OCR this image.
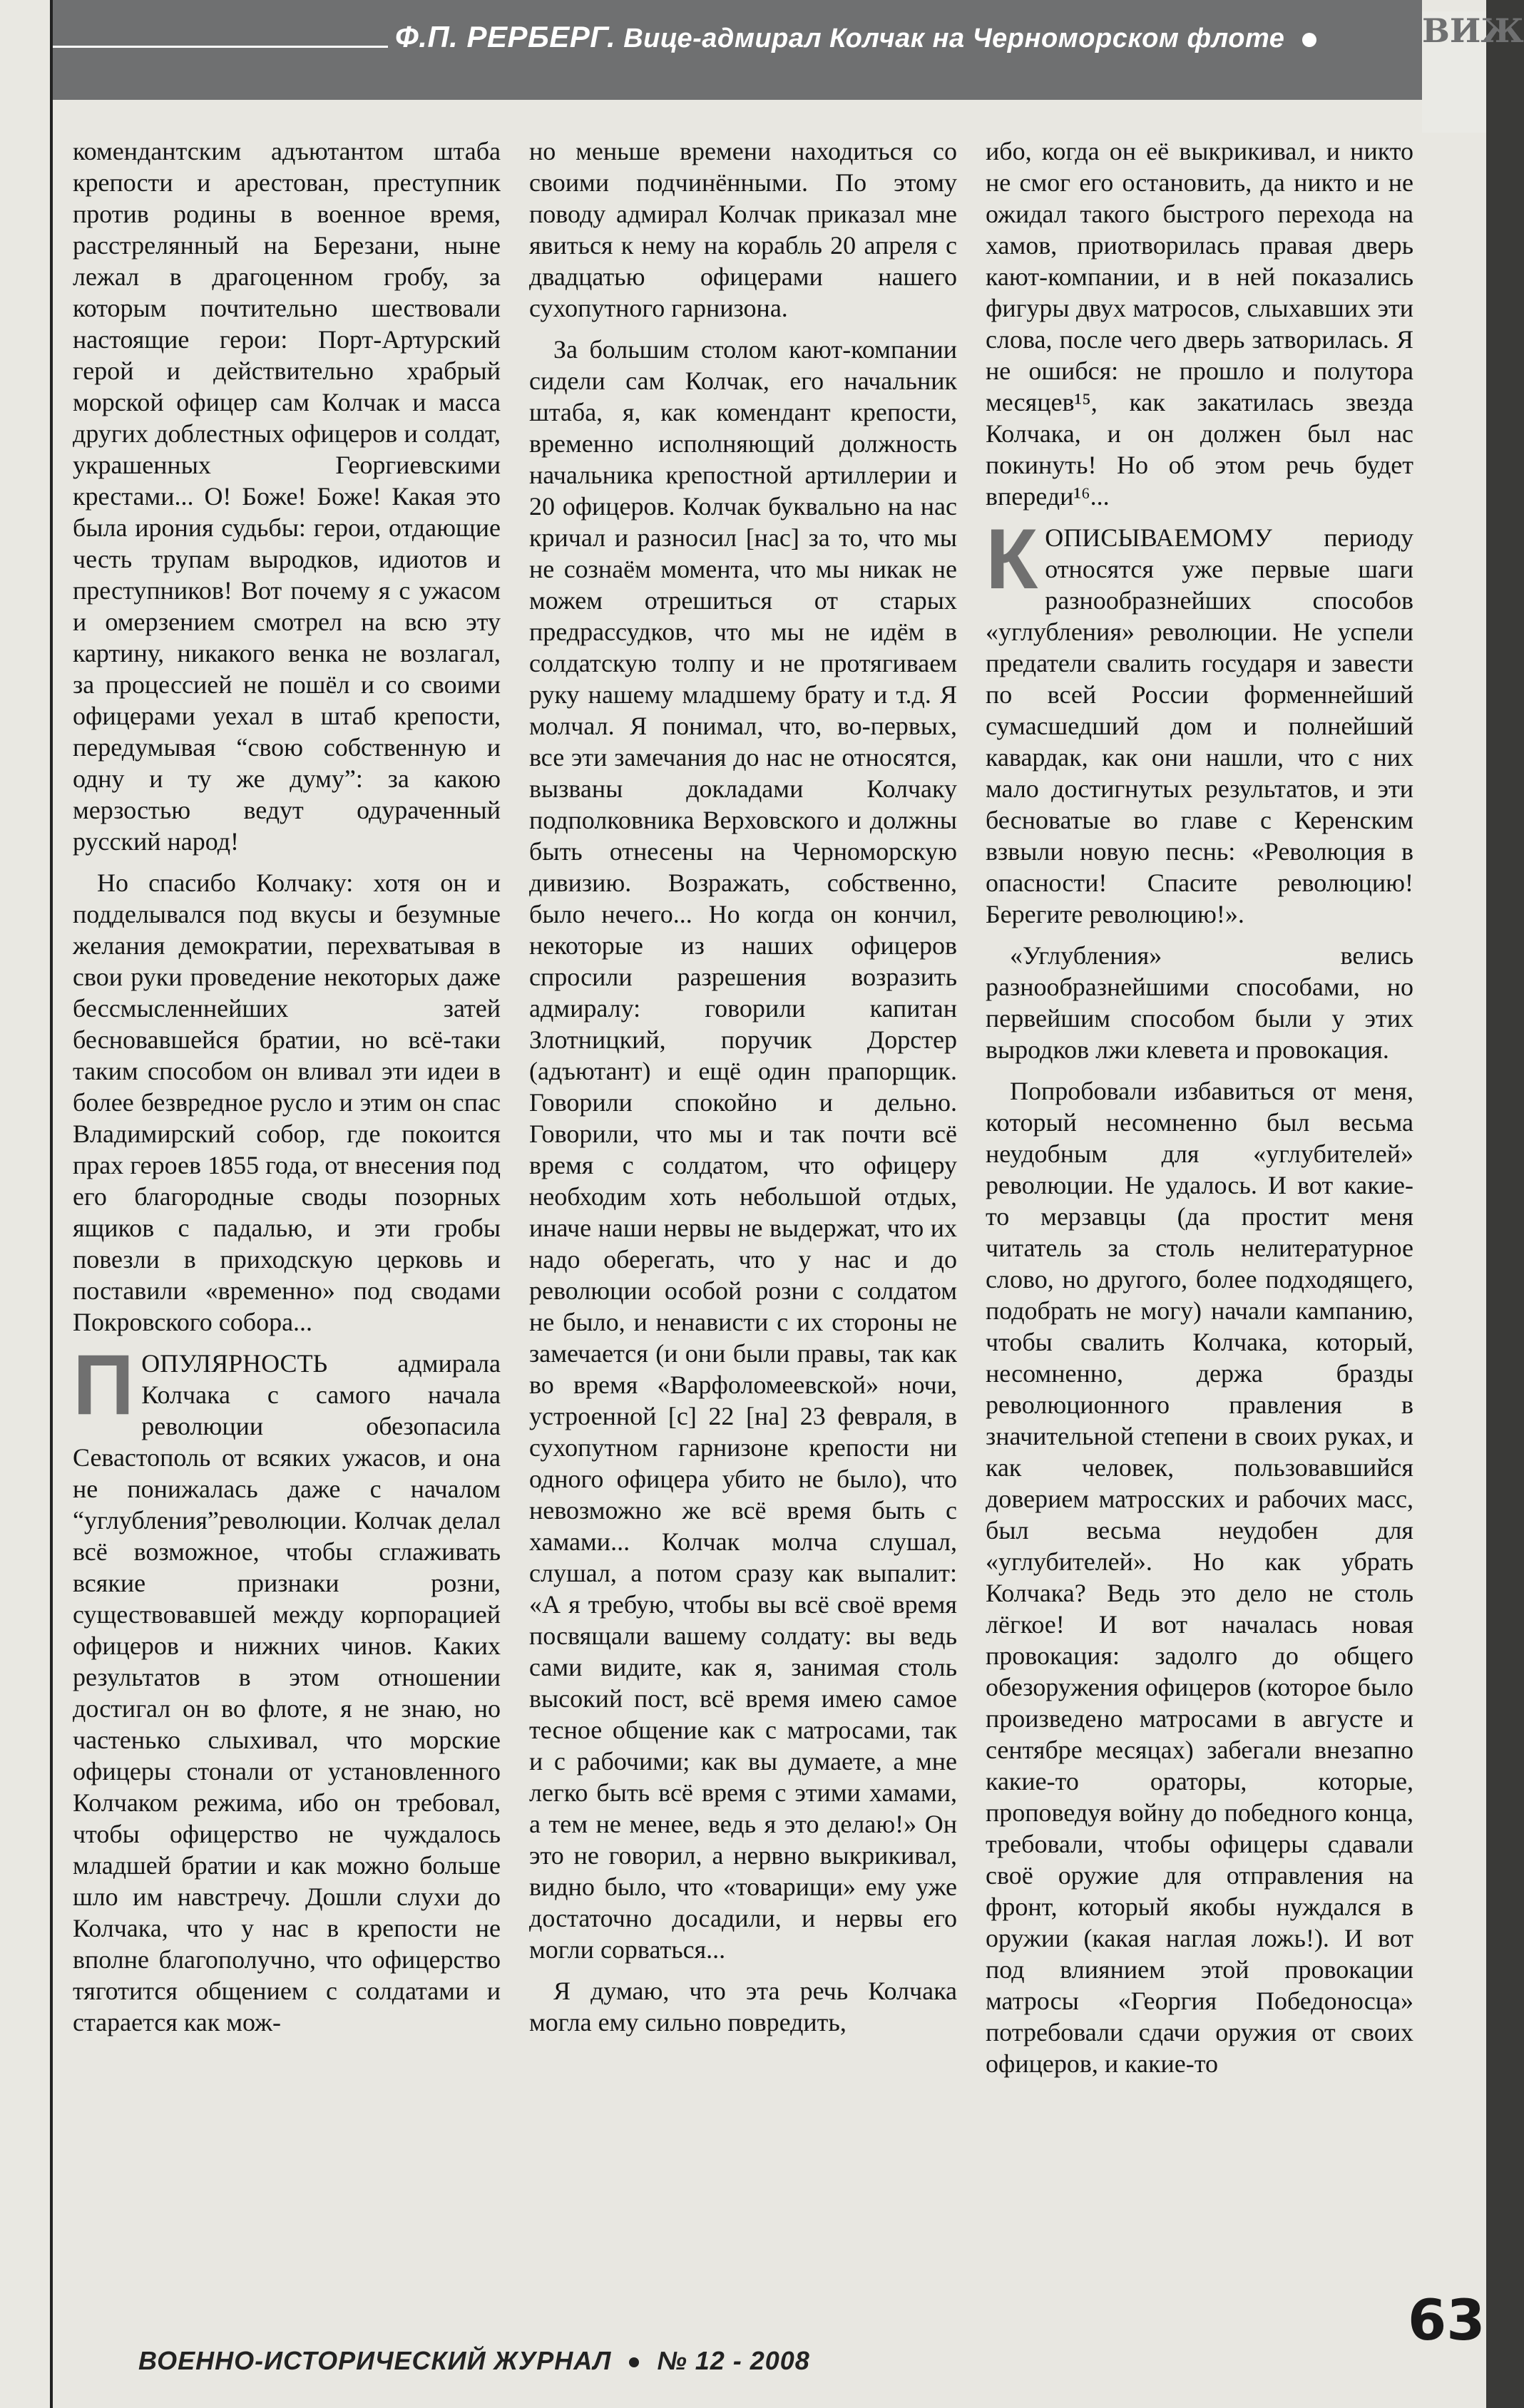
Ф.П. РЕРБЕРГ. Вице-адмирал Колчак на Черноморском флоте	ВИЖ

комендантским адъютантом штаба крепости и арестован, преступник против родины в военное время, расстрелянный на Березани, ныне лежал в драгоценном гробу, за которым почтительно шествовали настоящие герои: Порт-Артурский герой и действительно храбрый морской офицер сам Колчак и масса других доблестных офицеров и солдат, украшенных Георгиевскими крестами... О! Боже! Боже! Какая это была ирония судьбы: герои, отдающие честь трупам выродков, идиотов и преступников! Вот почему я с ужасом и омерзением смотрел на всю эту картину, никакого венка не возлагал, за процессией не пошёл и со своими офицерами уехал в штаб крепости, передумывая “свою собственную и одну и ту же думу”: за какою мерзостью ведут одураченный русский народ!

Но спасибо Колчаку: хотя он и подделывался под вкусы и безумные желания демократии, перехватывая в свои руки проведение некоторых даже бессмысленнейших затей бесновавшейся братии, но всё-таки таким способом он вливал эти идеи в более безвредное русло и этим он спас Владимирский собор, где покоится прах героев 1855 года, от внесения под его благородные своды позорных ящиков с падалью, и эти гробы повезли в приходскую церковь и поставили «временно» под сводами Покровского собора...

ПОПУЛЯРНОСТЬ адмирала Колчака с самого начала революции обезопасила Севастополь от всяких ужасов, и она не понижалась даже с началом “углубления”революции. Колчак делал всё возможное, чтобы сглаживать всякие признаки розни, существовавшей между корпорацией офицеров и нижних чинов. Каких результатов в этом отношении достигал он во флоте, я не знаю, но частенько слыхивал, что морские офицеры стонали от установленного Колчаком режима, ибо он требовал, чтобы офицерство не чуждалось младшей братии и как можно больше шло им навстречу. Дошли слухи до Колчака, что у нас в крепости не вполне благополучно, что офицерство тяготится общением с солдатами и старается как мож-

но меньше времени находиться со своими подчинёнными. По этому поводу адмирал Колчак приказал мне явиться к нему на корабль 20 апреля с двадцатью офицерами нашего сухопутного гарнизона.

За большим столом кают-компании сидели сам Колчак, его начальник штаба, я, как комендант крепости, временно исполняющий должность начальника крепостной артиллерии и 20 офицеров. Колчак буквально на нас кричал и разносил [нас] за то, что мы не сознаём момента, что мы никак не можем отрешиться от старых предрассудков, что мы не идём в солдатскую толпу и не протягиваем руку нашему младшему брату и т.д. Я молчал. Я понимал, что, во-первых, все эти замечания до нас не относятся, вызваны докладами Колчаку подполковника Верховского и должны быть отнесены на Черноморскую дивизию. Возражать, собственно, было нечего... Но когда он кончил, некоторые из наших офицеров спросили разрешения возразить адмиралу: говорили капитан Злотницкий, поручик Дорстер (адъютант) и ещё один прапорщик. Говорили спокойно и дельно. Говорили, что мы и так почти всё время с солдатом, что офицеру необходим хоть небольшой отдых, иначе наши нервы не выдержат, что их надо оберегать, что у нас и до революции особой розни с солдатом не было, и ненависти с их стороны не замечается (и они были правы, так как во время «Варфоломеевской» ночи, устроенной [с] 22 [на] 23 февраля, в сухопутном гарнизоне крепости ни одного офицера убито не было), что невозможно же всё время быть с хамами... Колчак молча слушал, слушал, а потом сразу как выпалит: «А я требую, чтобы вы всё своё время посвящали вашему солдату: вы ведь сами видите, как я, занимая столь высокий пост, всё время имею самое тесное общение как с матросами, так и с рабочими; как вы думаете, а мне легко быть всё время с этими хамами, а тем не менее, ведь я это делаю!» Он это не говорил, а нервно выкрикивал, видно было, что «товарищи» ему уже достаточно досадили, и нервы его могли сорваться...

Я думаю, что эта речь Колчака могла ему сильно повредить,

ибо, когда он её выкрикивал, и никто не смог его остановить, да никто и не ожидал такого быстрого перехода на хамов, приотворилась правая дверь кают-компании, и в ней показались фигуры двух матросов, слыхавших эти слова, после чего дверь затворилась. Я не ошибся: не прошло и полутора месяцев¹⁵, как закатилась звезда Колчака, и он должен был нас покинуть! Но об этом речь будет впереди¹⁶...

КОПИСЫВАЕМОМУ периоду относятся уже первые шаги разнообразнейших способов «углубления» революции. Не успели предатели свалить государя и завести по всей России форменнейший сумасшедший дом и полнейший кавардак, как они нашли, что с них мало достигнутых результатов, и эти бесноватые во главе с Керенским взвыли новую песнь: «Революция в опасности! Спасите революцию! Берегите революцию!».

«Углубления» велись разнообразнейшими способами, но первейшим способом были у этих выродков лжи клевета и провокация.

Попробовали избавиться от меня, который несомненно был весьма неудобным для «углубителей» революции. Не удалось. И вот какие-то мерзавцы (да простит меня читатель за столь нелитературное слово, но другого, более подходящего, подобрать не могу) начали кампанию, чтобы свалить Колчака, который, несомненно, держа бразды революционного правления в значительной степени в своих руках, и как человек, пользовавшийся доверием матросских и рабочих масс, был весьма неудобен для «углубителей». Но как убрать Колчака? Ведь это дело не столь лёгкое! И вот началась новая провокация: задолго до общего обезоружения офицеров (которое было произведено матросами в августе и сентябре месяцах) забегали внезапно какие-то ораторы, которые, проповедуя войну до победного конца, требовали, чтобы офицеры сдавали своё оружие для отправления на фронт, который якобы нуждался в оружии (какая наглая ложь!). И вот под влиянием этой провокации матросы «Георгия Победоносца» потребовали сдачи оружия от своих офицеров, и какие-то

ВОЕННО-ИСТОРИЧЕСКИЙ ЖУРНАЛ № 12 - 2008
63
